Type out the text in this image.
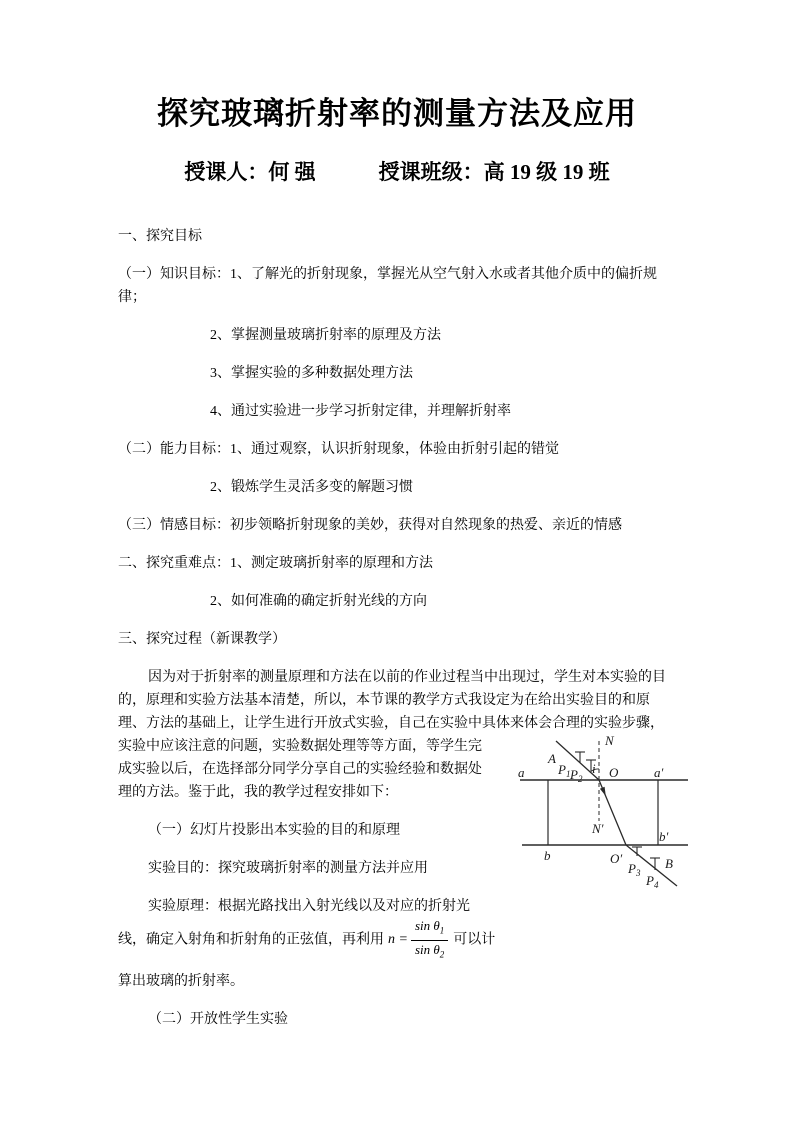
探究玻璃折射率的测量方法及应用
授课人：何 强　　　授课班级：高 19 级 19 班
一、探究目标
（一）知识目标：1、了解光的折射现象，掌握光从空气射入水或者其他介质中的偏折规
律；
2、掌握测量玻璃折射率的原理及方法
3、掌握实验的多种数据处理方法
4、通过实验进一步学习折射定律，并理解折射率
（二）能力目标：1、通过观察，认识折射现象，体验由折射引起的错觉
2、锻炼学生灵活多变的解题习惯
（三）情感目标：初步领略折射现象的美妙，获得对自然现象的热爱、亲近的情感
二、探究重难点：1、测定玻璃折射率的原理和方法
2、如何准确的确定折射光线的方向
三、探究过程（新课教学）
因为对于折射率的测量原理和方法在以前的作业过程当中出现过，学生对本实验的目
的，原理和实验方法基本清楚，所以，本节课的教学方式我设定为在给出实验目的和原
理、方法的基础上，让学生进行开放式实验，自己在实验中具体来体会合理的实验步骤，
实验中应该注意的问题，实验数据处理等等方面，等学生完
成实验以后，在选择部分同学分享自己的实验经验和数据处
理的方法。鉴于此，我的教学过程安排如下：
（一）幻灯片投影出本实验的目的和原理
实验目的：探究玻璃折射率的测量方法并应用
实验原理：根据光路找出入射光线以及对应的折射光
线，确定入射角和折射角的正弦值，再利用 $n = \frac{\sin \theta_1}{\sin \theta_2}$ 可以计
算出玻璃的折射率。
（二）开放性学生实验
N
A
$P_1$ $P_2$
i O
a	a′
N′
b
b′
O′
$P_3$ $P_4$
B
